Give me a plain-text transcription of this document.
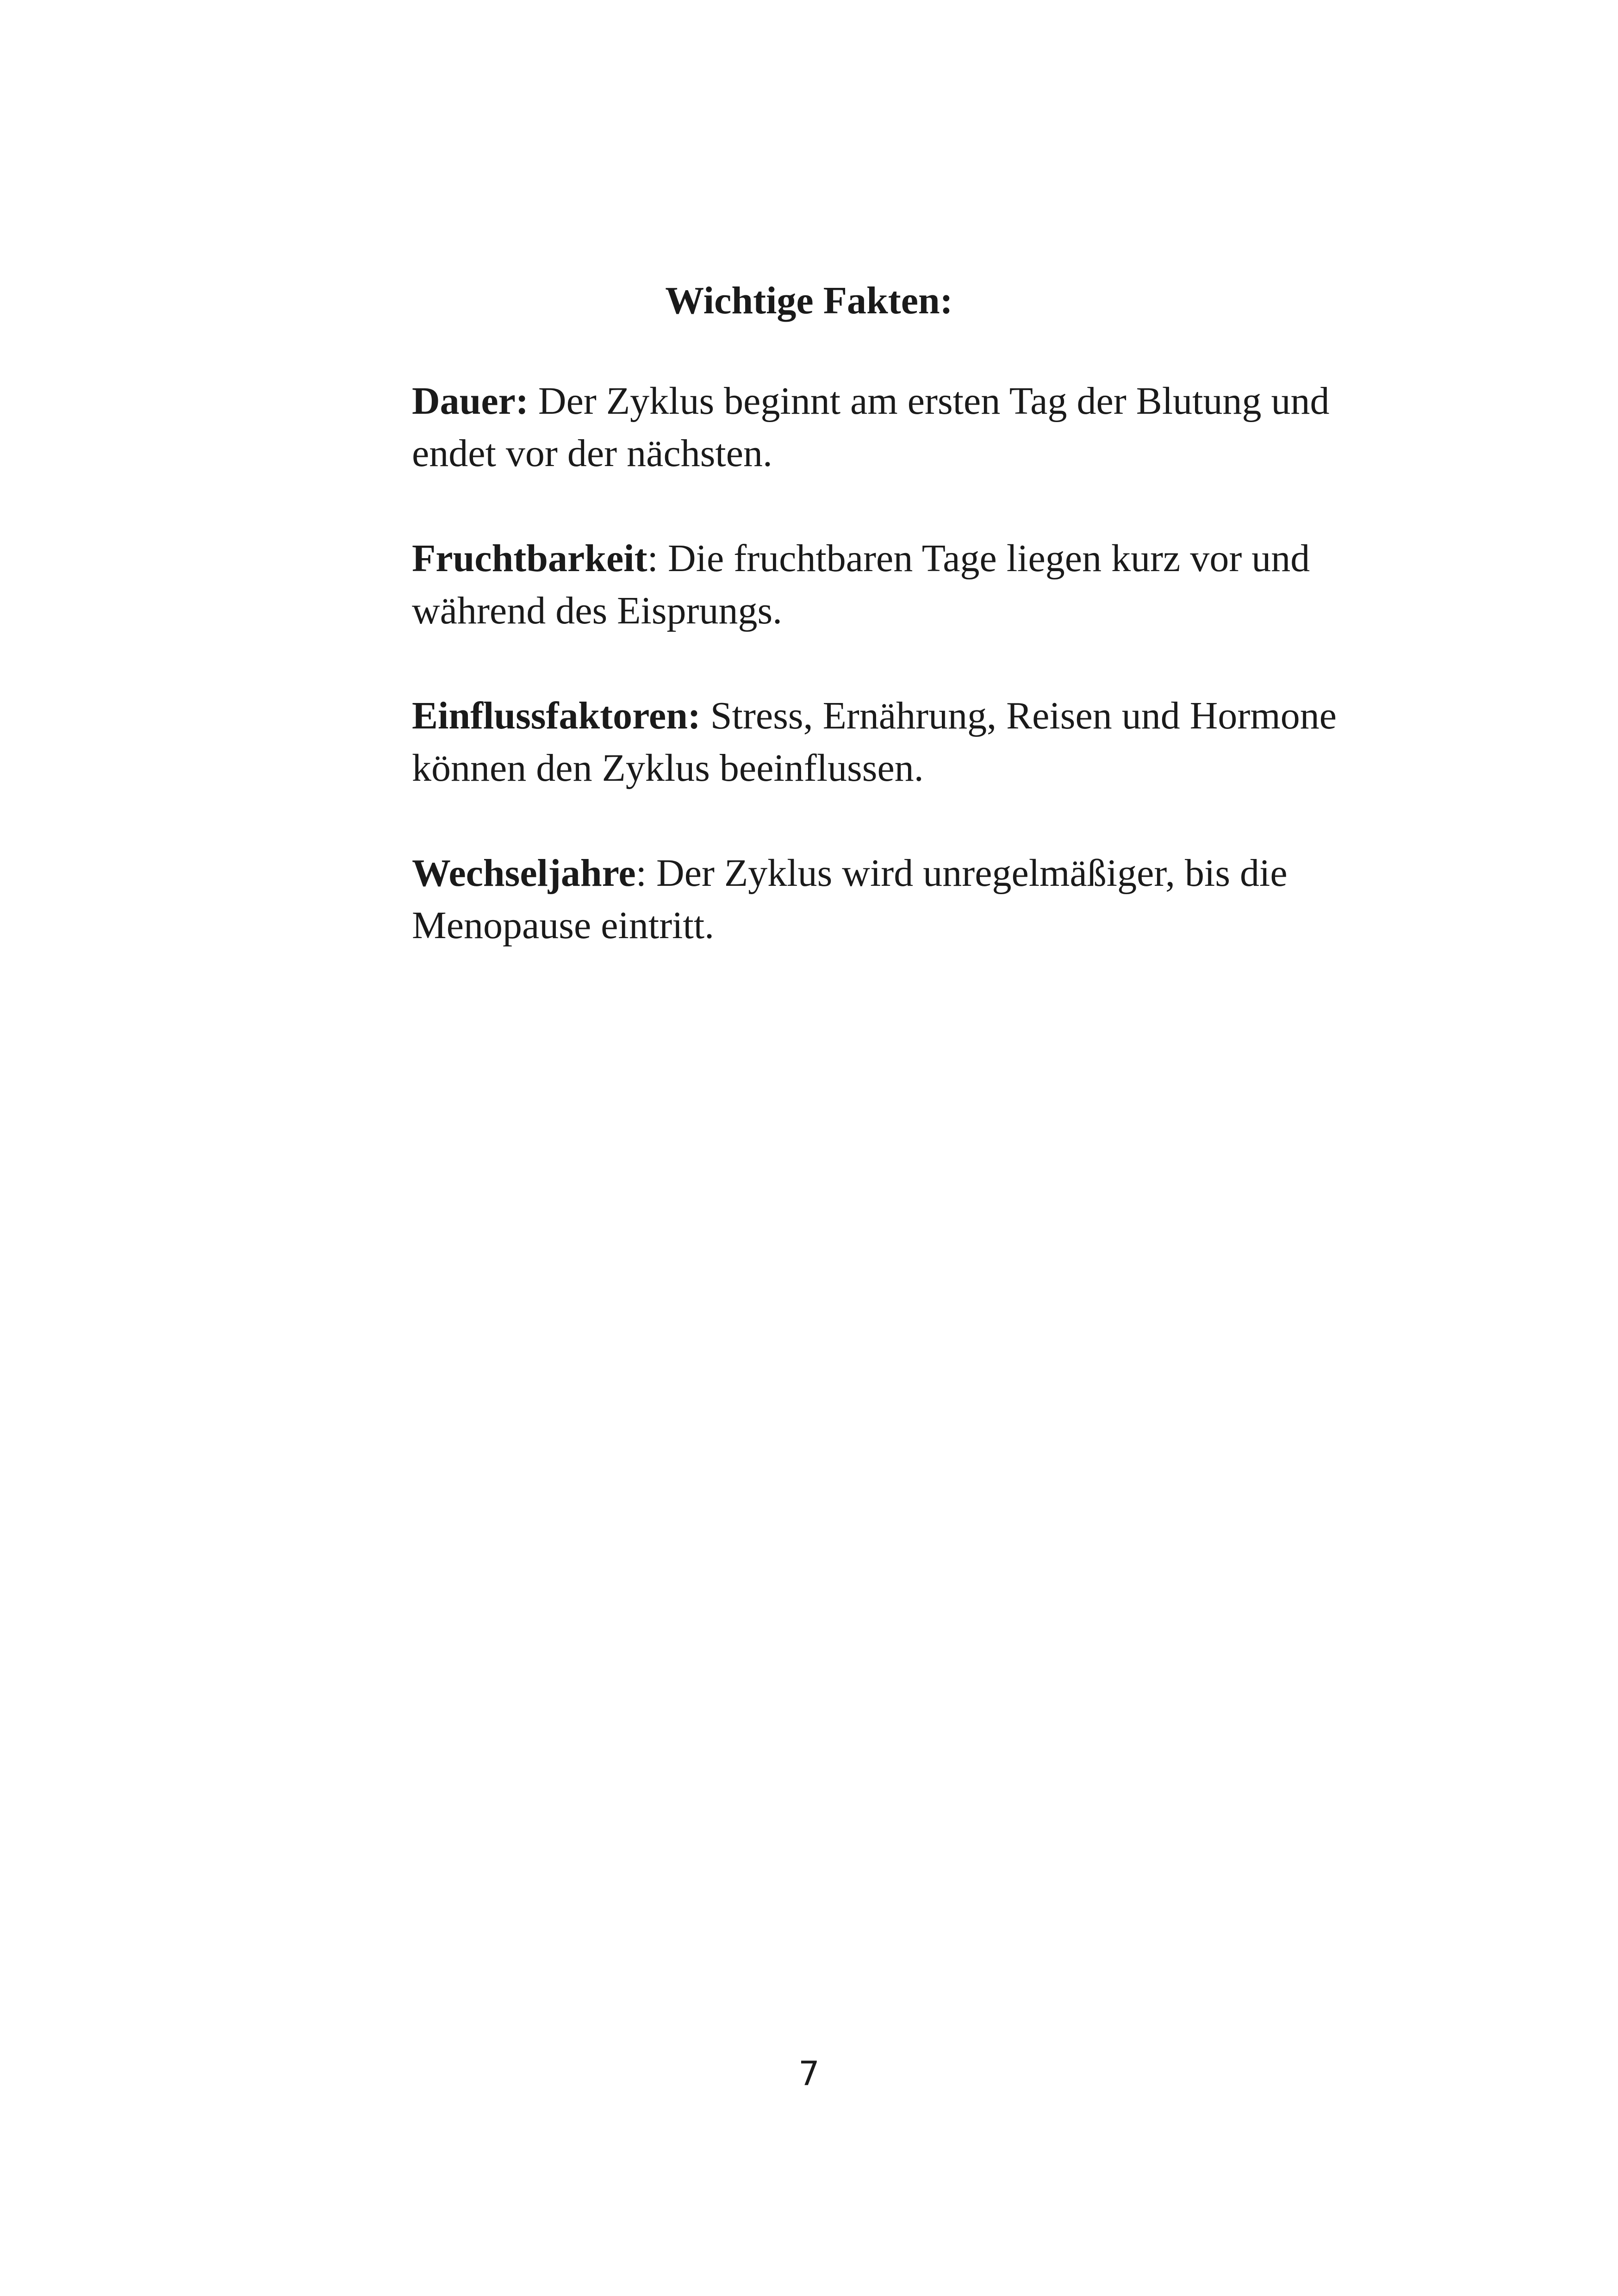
Wichtige Fakten:

Dauer: Der Zyklus beginnt am ersten Tag der Blutung und endet vor der nächsten.

Fruchtbarkeit: Die fruchtbaren Tage liegen kurz vor und während des Eisprungs.

Einflussfaktoren: Stress, Ernährung, Reisen und Hormone können den Zyklus beeinflussen.

Wechseljahre: Der Zyklus wird unregelmäßiger, bis die Menopause eintritt.

7
